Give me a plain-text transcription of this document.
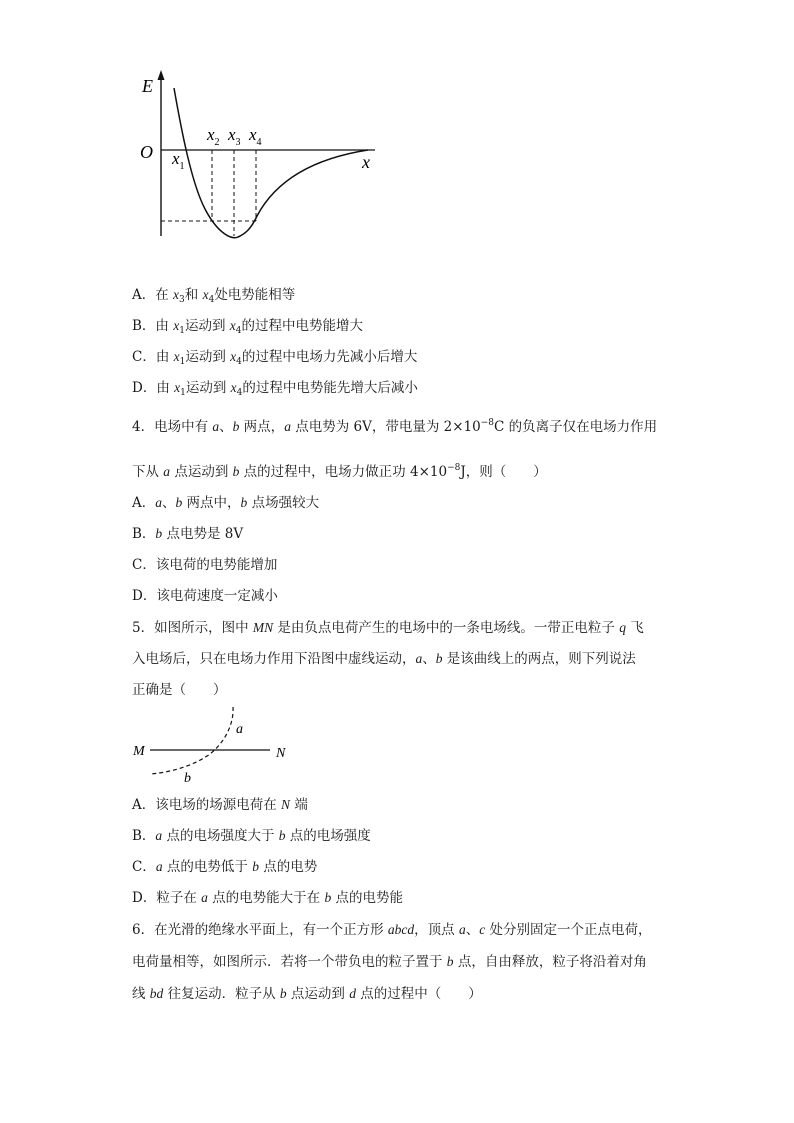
E
O	x
$x_1$
$x_2$ $x_3$ $x_4$
A．在 $x_3$和 $x_4$处电势能相等
B．由 $x_1$运动到 $x_4$的过程中电势能增大
C．由 $x_1$运动到 $x_4$的过程中电场力先减小后增大
D．由 $x_1$运动到 $x_4$的过程中电势能先增大后减小
4．电场中有 a、b 两点，a 点电势为 6V，带电量为 $2\times 10^{-8}C$ 的负离子仅在电场力作用
下从 a 点运动到 b 点的过程中，电场力做正功 $4\times 10^{-8}J$，则（　　）
A．a、b 两点中，b 点场强较大
B．b 点电势是 8V
C．该电荷的电势能增加
D．该电荷速度一定减小
5．如图所示，图中 MN 是由负点电荷产生的电场中的一条电场线。一带正电粒子 q 飞
入电场后，只在电场力作用下沿图中虚线运动，a、b 是该曲线上的两点，则下列说法
正确是（　　）
M	N
a
b
A．该电场的场源电荷在 N 端
B．a 点的电场强度大于 b 点的电场强度
C．a 点的电势低于 b 点的电势
D．粒子在 a 点的电势能大于在 b 点的电势能
6．在光滑的绝缘水平面上，有一个正方形 abcd，顶点 a、c 处分别固定一个正点电荷，
电荷量相等，如图所示．若将一个带负电的粒子置于 b 点，自由释放，粒子将沿着对角
线 bd 往复运动．粒子从 b 点运动到 d 点的过程中（　　）
